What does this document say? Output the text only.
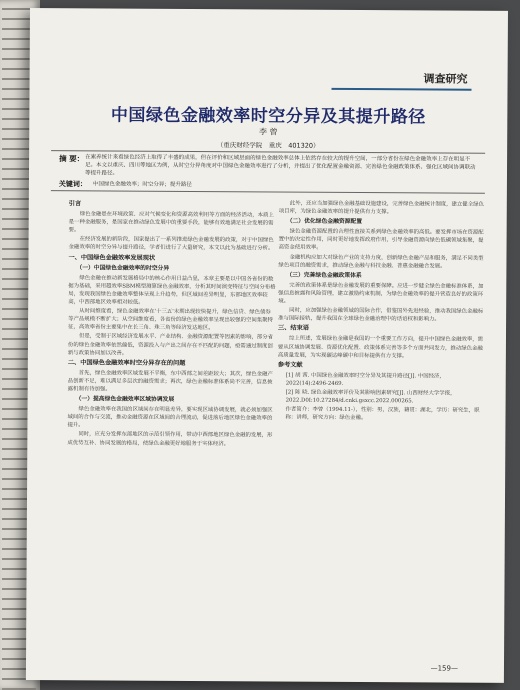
调查研究
中国绿色金融效率时空分异及其提升路径
李 曾
（重庆财经学院　重庆　401320）
摘 要： 在素养统计来看绿色经济上取得了丰盛的成果，但在评价和区域层面的绿色金融效率总体上依然存在较大的提升空间，一部分省份在绿色金融效率上存在明显不足。本文以重庆、四川等地区为例，从时空分异角度对中国绿色金融效率进行了分析，并提出了优化配置金融资源、完善绿色金融政策体系、强化区域间协调联动等提升路径。
关键词： 中国绿色金融效率；时空分异；提升路径
引言

绿色金融是在环境政策、应对气候变化和资源高效利用等方面的经济活动，本质上是一种金融服务，是国家在推动绿色发展中的重要手段，能够有效地满足社会发展的需要。

在经济发展的新阶段，国家提出了一系列推进绿色金融发展的政策，对于中国绿色金融效率的时空分异与提升路径，学者们进行了大量研究，本文以此为基础进行分析。

一、中国绿色金融效率发展现状
（一）中国绿色金融效率的时空分异

绿色金融在推动新发展格局中的核心作用日益凸显，本章主要是以中国各省份的数据为基础，采用超效率SBM模型测算绿色金融效率，分析其时间演变特征与空间分布格局，发现我国绿色金融效率整体呈现上升趋势，但区域间差异明显，东部地区效率较高，中西部地区效率相对较低。

从时间维度看，绿色金融效率在'十三五'末期出现较快提升，绿色信贷、绿色债券等产品规模不断扩大；从空间维度看，各省份的绿色金融效率呈现出较强的空间集聚特征，高效率省份主要集中在长三角、珠三角等经济发达地区。

但是，受制于区域经济发展水平、产业结构、金融资源配置等因素的影响，部分省份的绿色金融效率依然偏低，资源投入与产出之间存在不匹配的问题，亟需通过制度创新与政策协同加以改善。

二、中国绿色金融效率时空分异存在的问题

首先，绿色金融效率区域发展不平衡，东中西部之间差距较大；其次，绿色金融产品创新不足，难以满足多层次的融资需求；再次，绿色金融标准体系尚不完善，信息披露机制有待加强。

（一）提高绿色金融效率区域协调发展

绿色金融效率在我国的区域间存在明显差异，要实现区域协调发展，就必须加强区域间的合作与交流，推动金融资源在区域间的合理流动，促进落后地区绿色金融效率的提升。

同时，应充分发挥东部地区的示范引领作用，带动中西部地区绿色金融的发展，形成优势互补、协同发展的格局，使绿色金融更好地服务于实体经济。

此外，还应当加强绿色金融基础设施建设，完善绿色金融统计制度，建立健全绿色项目库，为绿色金融效率的提升提供有力支撑。

（二）优化绿色金融资源配置

绿色金融资源配置的合理性直接关系到绿色金融效率的高低。要发挥市场在资源配置中的决定性作用，同时更好地发挥政府作用，引导金融资源向绿色低碳领域集聚，提高资金使用效率。

金融机构应加大对绿色产业的支持力度，创新绿色金融产品和服务，满足不同类型绿色项目的融资需求，推动绿色金融与科技金融、普惠金融融合发展。

（三）完善绿色金融政策体系

完善的政策体系是绿色金融发展的重要保障。应进一步健全绿色金融标准体系，加强信息披露和风险管理，建立激励约束机制，为绿色金融效率的提升营造良好的政策环境。

同时，应加强绿色金融领域的国际合作，借鉴国外先进经验，推动我国绿色金融标准与国际接轨，提升我国在全球绿色金融治理中的话语权和影响力。

三、结束语

综上所述，发展绿色金融是我国的一个重要工作方向，提升中国绿色金融效率，需要从区域协调发展、资源优化配置、政策体系完善等多个方面共同发力，推动绿色金融高质量发展，为实现碳达峰碳中和目标提供有力支撑。

参考文献

[1] 胡 茜. 中国绿色金融效率时空分异及其提升路径[J]. 中国经济，2022(14):2496-2469.

[2] 陈 晓. 绿色金融效率评价及其影响因素研究[J]. 山西财经大学学报，2022.D0I:10.27284/d.cnki.gsxcc.2022.000265.

作者简介：李曾（1994.11-），性别：男，汉族，籍贯：湖北，学历：研究生，职称：讲师，研究方向：绿色金融。

—159—
